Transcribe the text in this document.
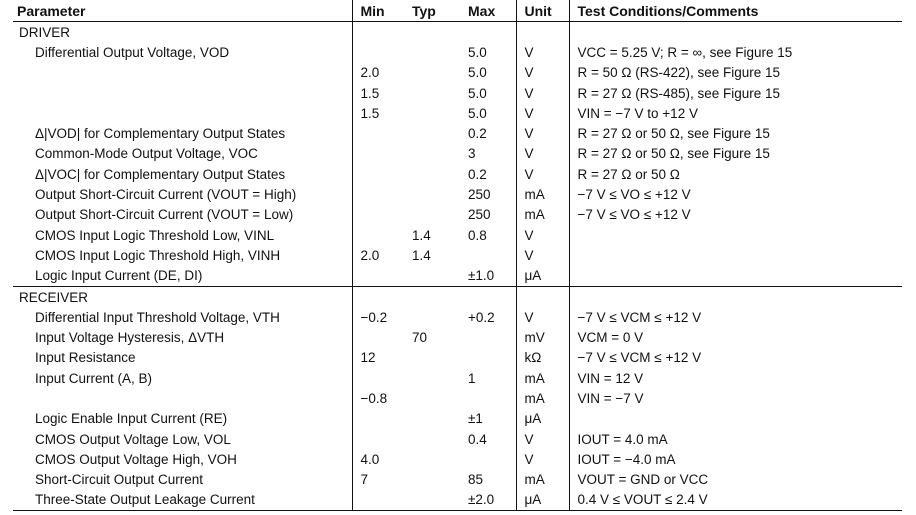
Parameter	Min	Typ	Max	Unit	Test Conditions/Comments
DRIVER					
Differential Output Voltage, VOD			5.0	V	VCC = 5.25 V; R = ∞, see Figure 15
	2.0		5.0	V	R = 50 Ω (RS-422), see Figure 15
	1.5		5.0	V	R = 27 Ω (RS-485), see Figure 15
	1.5		5.0	V	VIN = −7 V to +12 V
Δ|VOD| for Complementary Output States			0.2	V	R = 27 Ω or 50 Ω, see Figure 15
Common-Mode Output Voltage, VOC			3	V	R = 27 Ω or 50 Ω, see Figure 15
Δ|VOC| for Complementary Output States			0.2	V	R = 27 Ω or 50 Ω
Output Short-Circuit Current (VOUT = High)			250	mA	−7 V ≤ VO ≤ +12 V
Output Short-Circuit Current (VOUT = Low)			250	mA	−7 V ≤ VO ≤ +12 V
CMOS Input Logic Threshold Low, VINL		1.4	0.8	V	
CMOS Input Logic Threshold High, VINH	2.0	1.4		V	
Logic Input Current (DE, DI)			±1.0	μA	
RECEIVER					
Differential Input Threshold Voltage, VTH	−0.2		+0.2	V	−7 V ≤ VCM ≤ +12 V
Input Voltage Hysteresis, ΔVTH		70		mV	VCM = 0 V
Input Resistance	12			kΩ	−7 V ≤ VCM ≤ +12 V
Input Current (A, B)			1	mA	VIN = 12 V
	−0.8			mA	VIN = −7 V
Logic Enable Input Current (RE)			±1	μA	
CMOS Output Voltage Low, VOL			0.4	V	IOUT = 4.0 mA
CMOS Output Voltage High, VOH	4.0			V	IOUT = −4.0 mA
Short-Circuit Output Current	7		85	mA	VOUT = GND or VCC
Three-State Output Leakage Current			±2.0	μA	0.4 V ≤ VOUT ≤ 2.4 V
